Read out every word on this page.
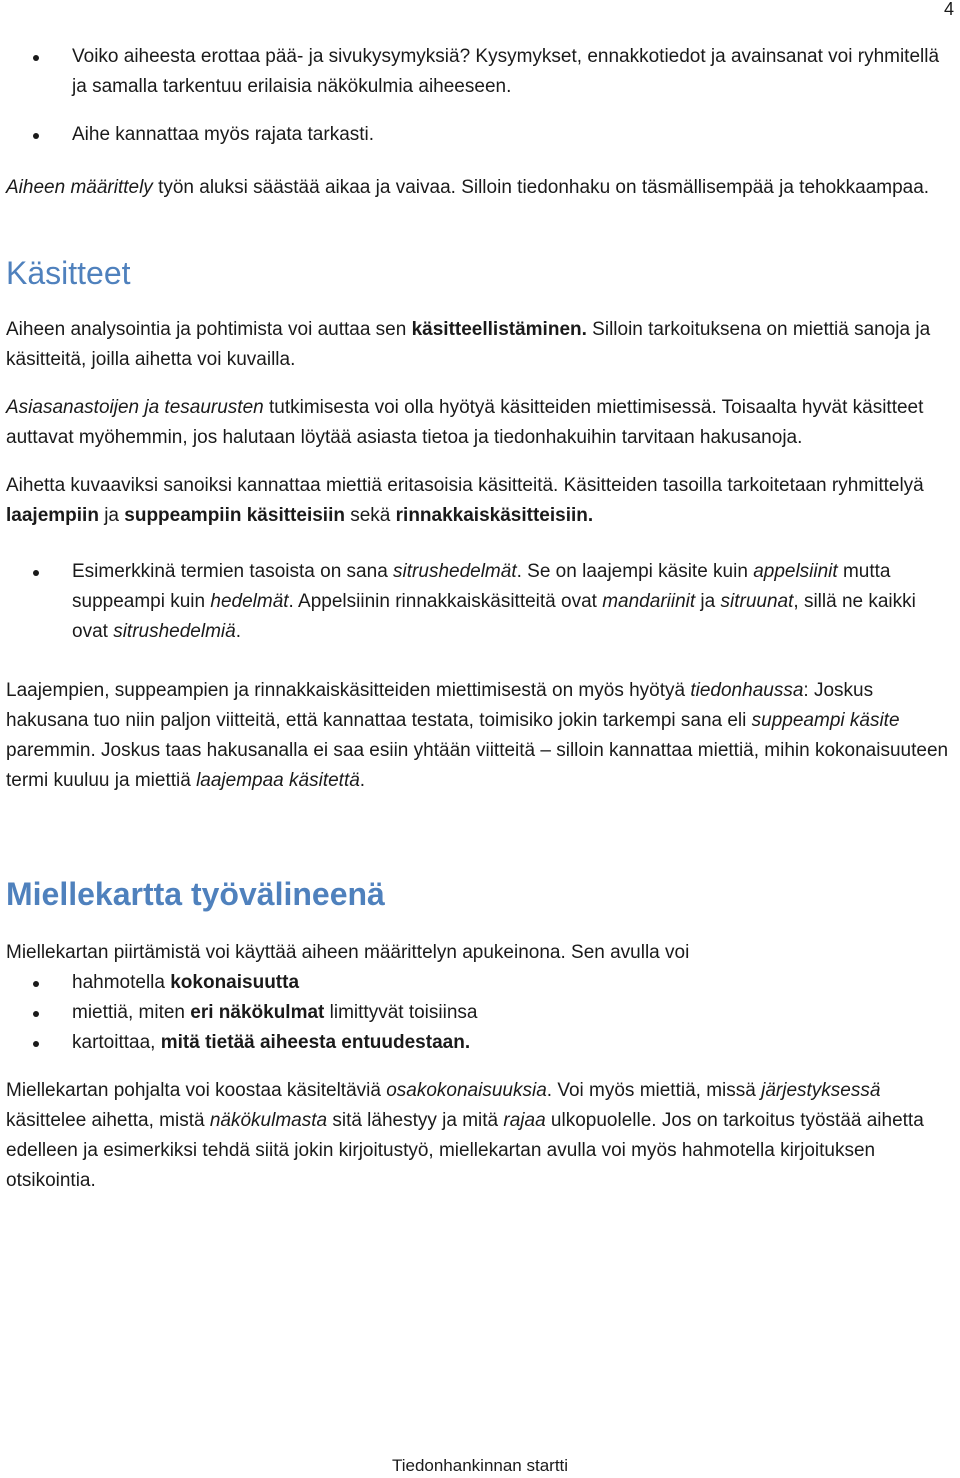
4
Voiko aiheesta erottaa pää- ja sivukysymyksiä? Kysymykset, ennakkotiedot ja avainsanat voi ryhmitellä ja samalla tarkentuu erilaisia näkökulmia aiheeseen.
Aihe kannattaa myös rajata tarkasti.

Aiheen määrittely työn aluksi säästää aikaa ja vaivaa. Silloin tiedonhaku on täsmällisempää ja tehokkaampaa.

Käsitteet

Aiheen analysointia ja pohtimista voi auttaa sen käsitteellistäminen. Silloin tarkoituksena on miettiä sanoja ja käsitteitä, joilla aihetta voi kuvailla.

Asiasanastoijen ja tesaurusten tutkimisesta voi olla hyötyä käsitteiden miettimisessä. Toisaalta hyvät käsitteet auttavat myöhemmin, jos halutaan löytää asiasta tietoa ja tiedonhakuihin tarvitaan hakusanoja.

Aihetta kuvaaviksi sanoiksi kannattaa miettiä eritasoisia käsitteitä. Käsitteiden tasoilla tarkoitetaan ryhmittelyä laajempiin ja suppeampiin käsitteisiin sekä rinnakkaiskäsitteisiin.

Esimerkkinä termien tasoista on sana sitrushedelmät. Se on laajempi käsite kuin appelsiinit mutta suppeampi kuin hedelmät. Appelsiinin rinnakkaiskäsitteitä ovat mandariinit ja sitruunat, sillä ne kaikki ovat sitrushedelmiä.

Laajempien, suppeampien ja rinnakkaiskäsitteiden miettimisestä on myös hyötyä tiedonhaussa: Joskus hakusana tuo niin paljon viitteitä, että kannattaa testata, toimisiko jokin tarkempi sana eli suppeampi käsite paremmin. Joskus taas hakusanalla ei saa esiin yhtään viitteitä – silloin kannattaa miettiä, mihin kokonaisuuteen termi kuuluu ja miettiä laajempaa käsitettä.

Miellekartta työvälineenä

Miellekartan piirtämistä voi käyttää aiheen määrittelyn apukeinona. Sen avulla voi

hahmotella kokonaisuutta
miettiä, miten eri näkökulmat limittyvät toisiinsa
kartoittaa, mitä tietää aiheesta entuudestaan.

Miellekartan pohjalta voi koostaa käsiteltäviä osakokonaisuuksia. Voi myös miettiä, missä järjestyksessä käsittelee aihetta, mistä näkökulmasta sitä lähestyy ja mitä rajaa ulkopuolelle. Jos on tarkoitus työstää aihetta edelleen ja esimerkiksi tehdä siitä jokin kirjoitustyö, miellekartan avulla voi myös hahmotella kirjoituksen otsikointia.

Tiedonhankinnan startti
